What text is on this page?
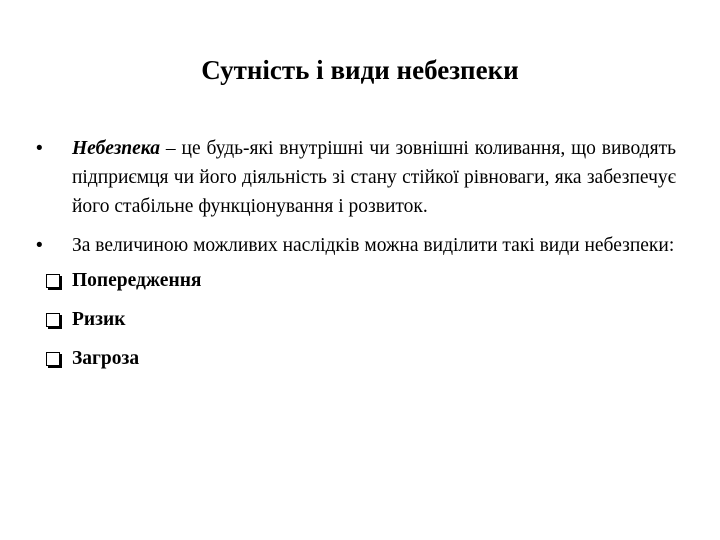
Сутність і види небезпеки
• Небезпека – це будь-які внутрішні чи зовнішні коливання, що виводять підприємця чи його діяльність зі стану стійкої рівноваги, яка забезпечує його стабільне функціонування і розвиток.
• За величиною можливих наслідків можна виділити такі види небезпеки:
Попередження
Ризик
Загроза
